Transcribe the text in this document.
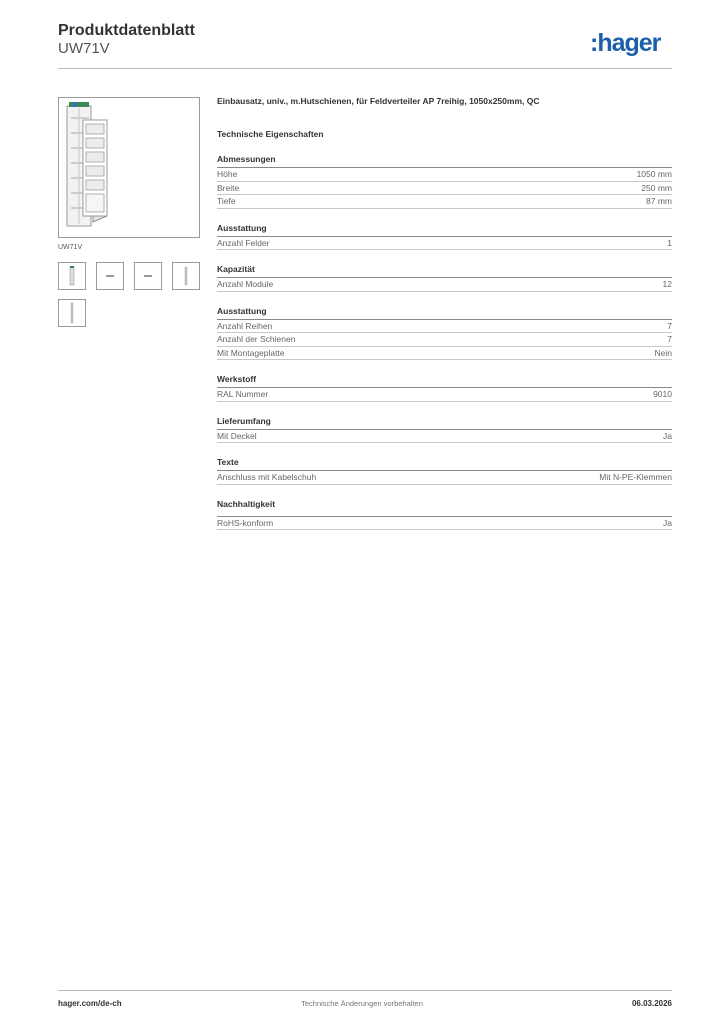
Produktdatenblatt
UW71V	:hager
UW71V

Einbausatz, univ., m.Hutschienen, für Feldverteiler AP 7reihig, 1050x250mm, QC

Technische Eigenschaften

Abmessungen
Höhe	1050 mm
Breite	250 mm
Tiefe	87 mm
Ausstattung
Anzahl Felder	1
Kapazität
Anzahl Module	12
Ausstattung
Anzahl Reihen	7
Anzahl der Schienen	7
Mit Montageplatte	Nein
Werkstoff
RAL Nummer	9010
Lieferumfang
Mit Deckel	Ja
Texte
Anschluss mit Kabelschuh	Mit N-PE-Klemmen
Nachhaltigkeit
RoHS-konform	Ja
hager.com/de-ch	Technische Änderungen vorbehalten	06.03.2026
